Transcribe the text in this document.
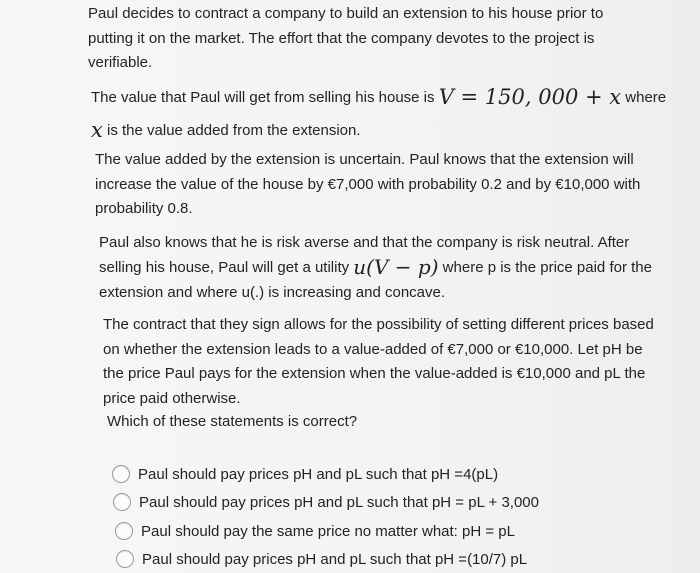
Paul decides to contract a company to build an extension to his house prior to
putting it on the market. The effort that the company devotes to the project is
verifiable.
The value that Paul will get from selling his house is V = 150, 000 + x where
x is the value added from the extension.
The value added by the extension is uncertain. Paul knows that the extension will
increase the value of the house by €7,000 with probability 0.2 and by €10,000 with
probability 0.8.
Paul also knows that he is risk averse and that the company is risk neutral. After
selling his house, Paul will get a utility u(V − p) where p is the price paid for the
extension and where u(.) is increasing and concave.
The contract that they sign allows for the possibility of setting different prices based
on whether the extension leads to a value-added of €7,000 or €10,000. Let pH be
the price Paul pays for the extension when the value-added is €10,000 and pL the
price paid otherwise.
Which of these statements is correct?
Paul should pay prices pH and pL such that pH =4(pL)
Paul should pay prices pH and pL such that pH = pL + 3,000
Paul should pay the same price no matter what: pH = pL
Paul should pay prices pH and pL such that pH =(10/7) pL
